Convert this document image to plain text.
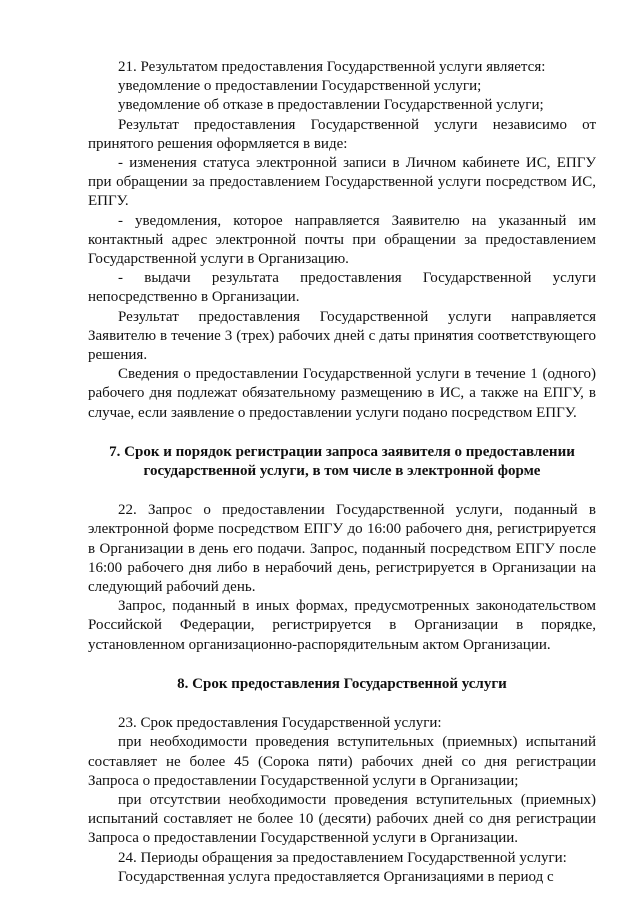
21. Результатом предоставления Государственной услуги является:

уведомление о предоставлении Государственной услуги;

уведомление об отказе в предоставлении Государственной услуги;

Результат предоставления Государственной услуги независимо от принятого решения оформляется в виде:

- изменения статуса электронной записи в Личном кабинете ИС, ЕПГУ при обращении за предоставлением Государственной услуги посредством ИС, ЕПГУ.

- уведомления, которое направляется Заявителю на указанный им контактный адрес электронной почты при обращении за предоставлением Государственной услуги в Организацию.

- выдачи результата предоставления Государственной услуги непосредственно в Организации.

Результат предоставления Государственной услуги направляется Заявителю в течение 3 (трех) рабочих дней с даты принятия соответствующего решения.

Сведения о предоставлении Государственной услуги в течение 1 (одного) рабочего дня подлежат обязательному размещению в ИС, а также на ЕПГУ, в случае, если заявление о предоставлении услуги подано посредством ЕПГУ.

7. Срок и порядок регистрации запроса заявителя о предоставлении государственной услуги, в том числе в электронной форме

22. Запрос о предоставлении Государственной услуги, поданный в электронной форме посредством ЕПГУ до 16:00 рабочего дня, регистрируется в Организации в день его подачи. Запрос, поданный посредством ЕПГУ после 16:00 рабочего дня либо в нерабочий день, регистрируется в Организации на следующий рабочий день.

Запрос, поданный в иных формах, предусмотренных законодательством Российской Федерации, регистрируется в Организации в порядке, установленном организационно-распорядительным актом Организации.

8. Срок предоставления Государственной услуги

23. Срок предоставления Государственной услуги:

при необходимости проведения вступительных (приемных) испытаний составляет не более 45 (Сорока пяти) рабочих дней со дня регистрации Запроса о предоставлении Государственной услуги в Организации;

при отсутствии необходимости проведения вступительных (приемных) испытаний составляет не более 10 (десяти) рабочих дней со дня регистрации Запроса о предоставлении Государственной услуги в Организации.

24. Периоды обращения за предоставлением Государственной услуги:

Государственная услуга предоставляется Организациями в период с
